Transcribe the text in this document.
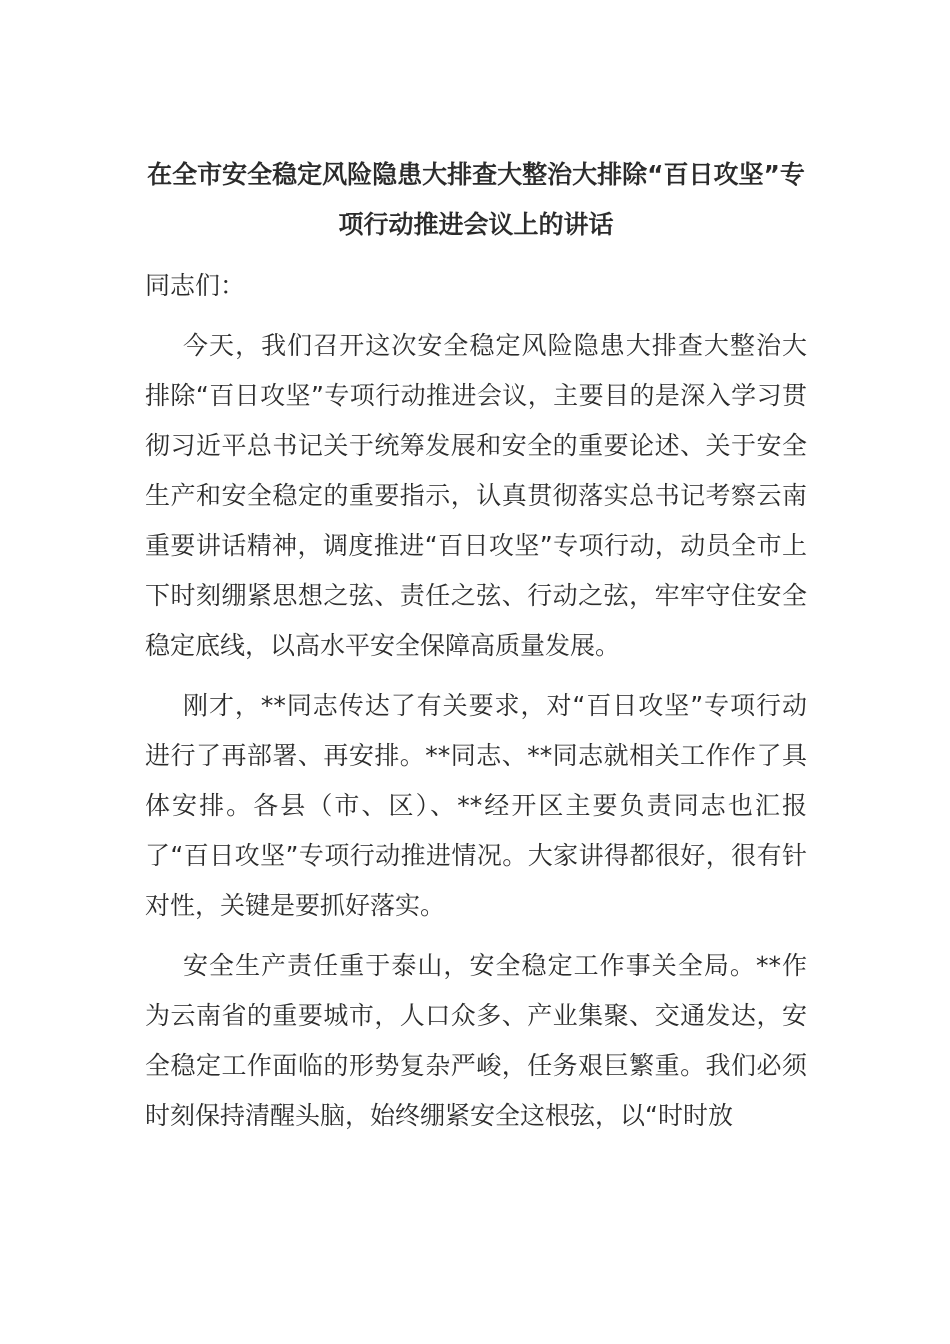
在全市安全稳定风险隐患大排查大整治大排除“百日攻坚”专项行动推进会议上的讲话

同志们：

今天，我们召开这次安全稳定风险隐患大排查大整治大排除“百日攻坚”专项行动推进会议，主要目的是深入学习贯彻习近平总书记关于统筹发展和安全的重要论述、关于安全生产和安全稳定的重要指示，认真贯彻落实总书记考察云南重要讲话精神，调度推进“百日攻坚”专项行动，动员全市上下时刻绷紧思想之弦、责任之弦、行动之弦，牢牢守住安全稳定底线，以高水平安全保障高质量发展。

刚才，**同志传达了有关要求，对“百日攻坚”专项行动进行了再部署、再安排。**同志、**同志就相关工作作了具体安排。各县（市、区）、**经开区主要负责同志也汇报了“百日攻坚”专项行动推进情况。大家讲得都很好，很有针对性，关键是要抓好落实。

安全生产责任重于泰山，安全稳定工作事关全局。**作为云南省的重要城市，人口众多、产业集聚、交通发达，安全稳定工作面临的形势复杂严峻，任务艰巨繁重。我们必须时刻保持清醒头脑，始终绷紧安全这根弦，以“时时放
